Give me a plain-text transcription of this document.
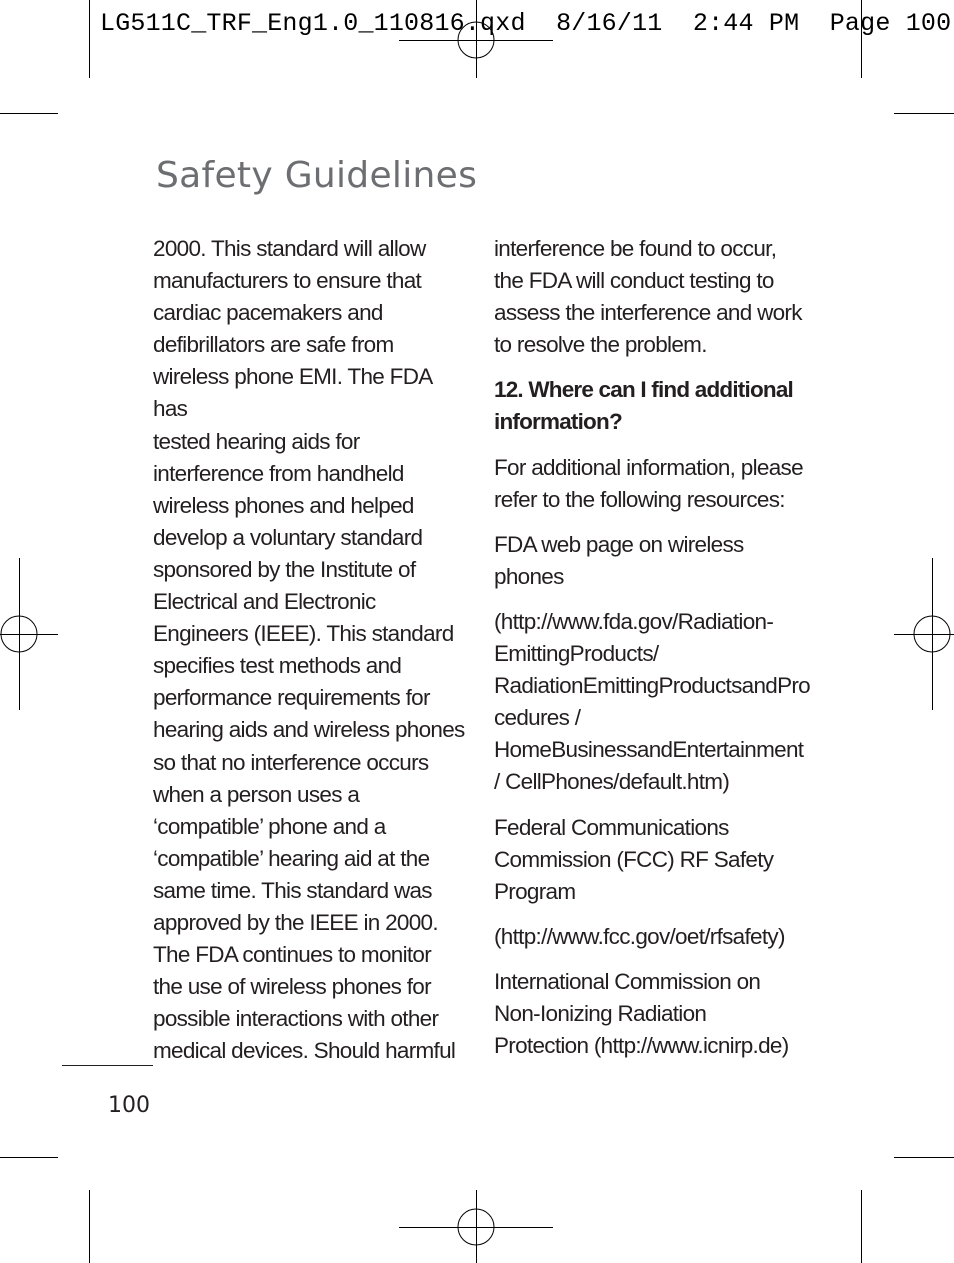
LG511C_TRF_Eng1.0_110816.qxd  8/16/11  2:44 PM  Page 100
Safety Guidelines

2000. This standard will allow
manufacturers to ensure that
cardiac pacemakers and
defibrillators are safe from
wireless phone EMI. The FDA has
tested hearing aids for
interference from handheld
wireless phones and helped
develop a voluntary standard
sponsored by the Institute of
Electrical and Electronic
Engineers (IEEE). This standard
specifies test methods and
performance requirements for
hearing aids and wireless phones
so that no interference occurs
when a person uses a
‘compatible’ phone and a
‘compatible’ hearing aid at the
same time. This standard was
approved by the IEEE in 2000.
The FDA continues to monitor
the use of wireless phones for
possible interactions with other
medical devices. Should harmful

interference be found to occur,
the FDA will conduct testing to
assess the interference and work
to resolve the problem.

12. Where can I find additional
information?

For additional information, please
refer to the following resources:

FDA web page on wireless phones

(http://www.fda.gov/Radiation-
EmittingProducts/
RadiationEmittingProductsandPro
cedures /
HomeBusinessandEntertainment
/ CellPhones/default.htm)

Federal Communications
Commission (FCC) RF Safety
Program

(http://www.fcc.gov/oet/rfsafety)

International Commission on
Non-Ionizing Radiation
Protection (http://www.icnirp.de)

100
